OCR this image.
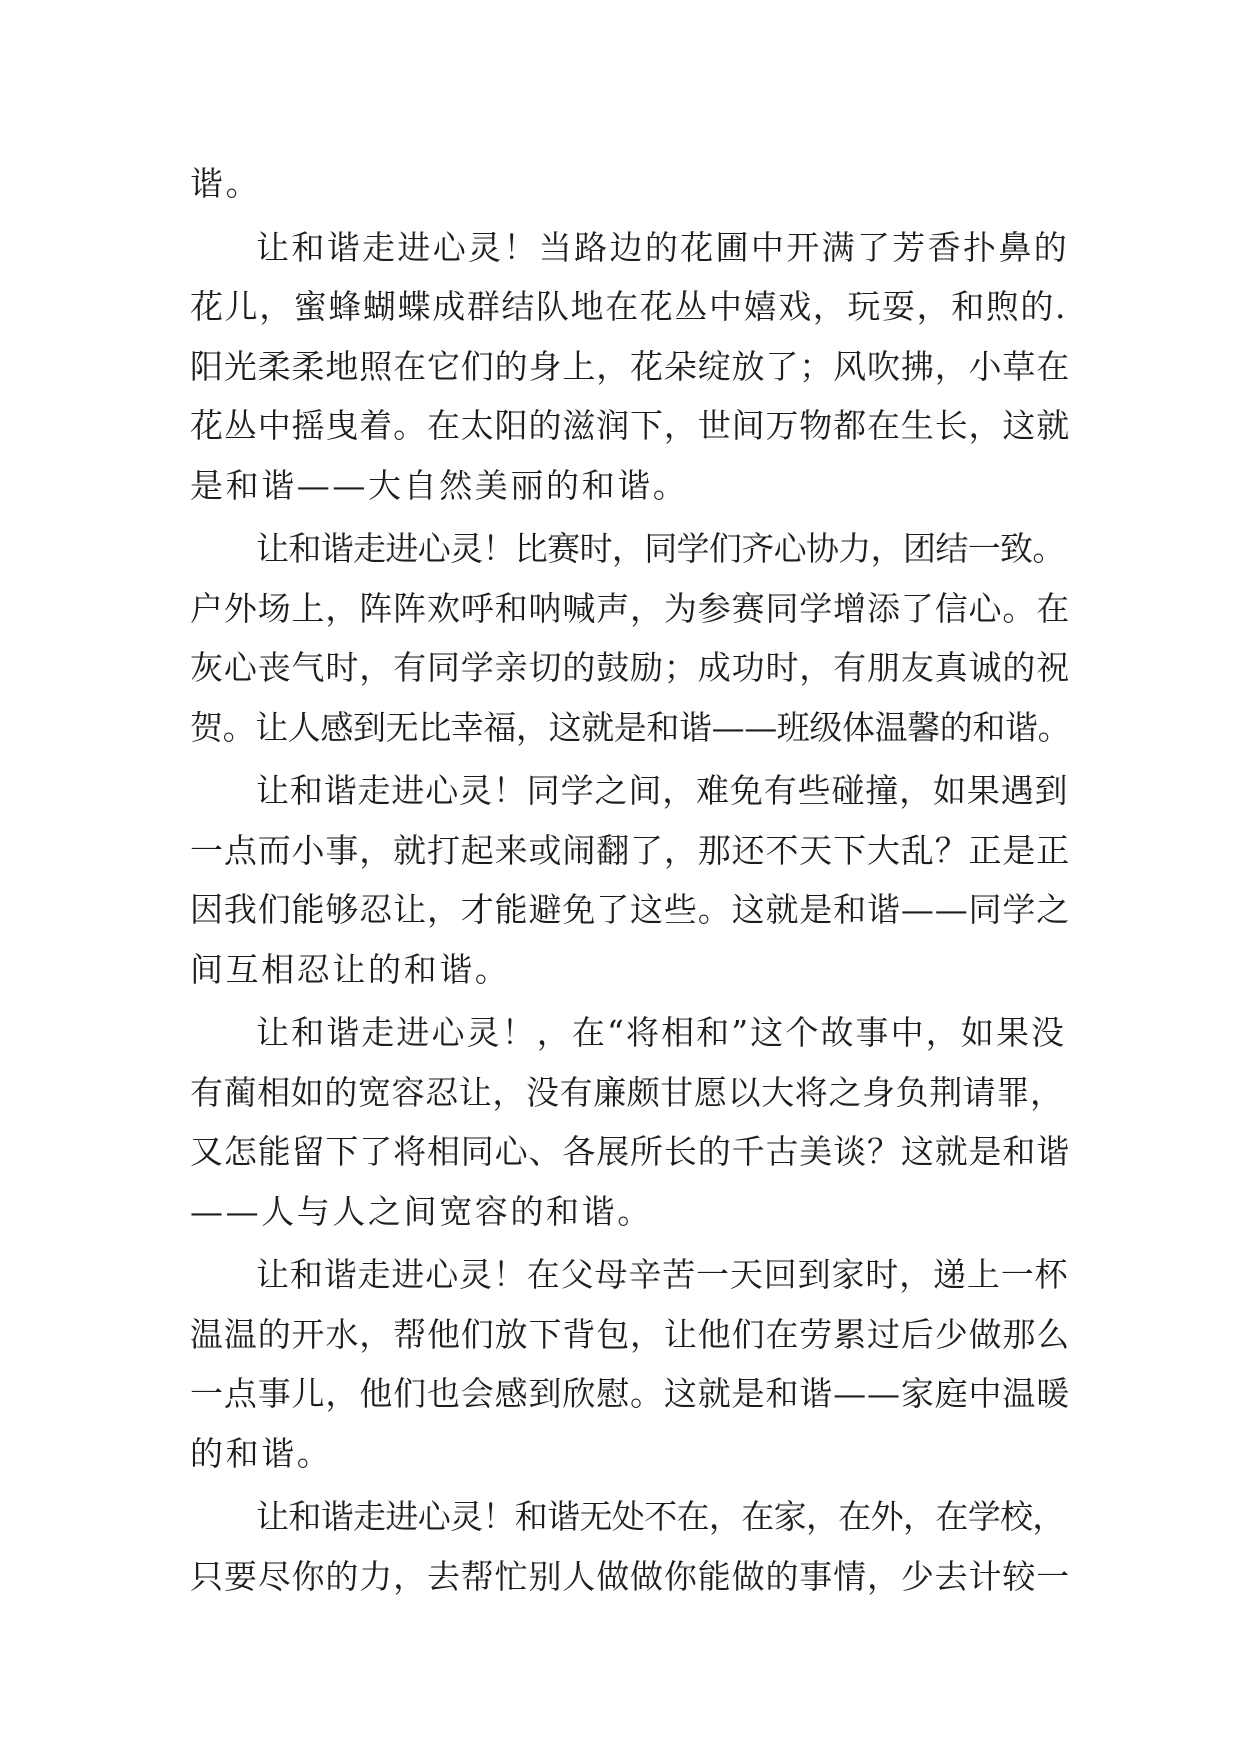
谐。
让和谐走进心灵！当路边的花圃中开满了芳香扑鼻的
花儿，蜜蜂蝴蝶成群结队地在花丛中嬉戏，玩耍，和煦的.
阳光柔柔地照在它们的身上，花朵绽放了；风吹拂，小草在
花丛中摇曳着。在太阳的滋润下，世间万物都在生长，这就
是和谐——大自然美丽的和谐。
让和谐走进心灵！比赛时，同学们齐心协力，团结一致。
户外场上，阵阵欢呼和呐喊声，为参赛同学增添了信心。在
灰心丧气时，有同学亲切的鼓励；成功时，有朋友真诚的祝
贺。让人感到无比幸福，这就是和谐——班级体温馨的和谐。
让和谐走进心灵！同学之间，难免有些碰撞，如果遇到
一点而小事，就打起来或闹翻了，那还不天下大乱？正是正
因我们能够忍让，才能避免了这些。这就是和谐——同学之
间互相忍让的和谐。
让和谐走进心灵！，在“将相和”这个故事中，如果没
有蔺相如的宽容忍让，没有廉颇甘愿以大将之身负荆请罪，
又怎能留下了将相同心、各展所长的千古美谈？这就是和谐
——人与人之间宽容的和谐。
让和谐走进心灵！在父母辛苦一天回到家时，递上一杯
温温的开水，帮他们放下背包，让他们在劳累过后少做那么
一点事儿，他们也会感到欣慰。这就是和谐——家庭中温暖
的和谐。
让和谐走进心灵！和谐无处不在，在家，在外，在学校，
只要尽你的力，去帮忙别人做做你能做的事情，少去计较一
